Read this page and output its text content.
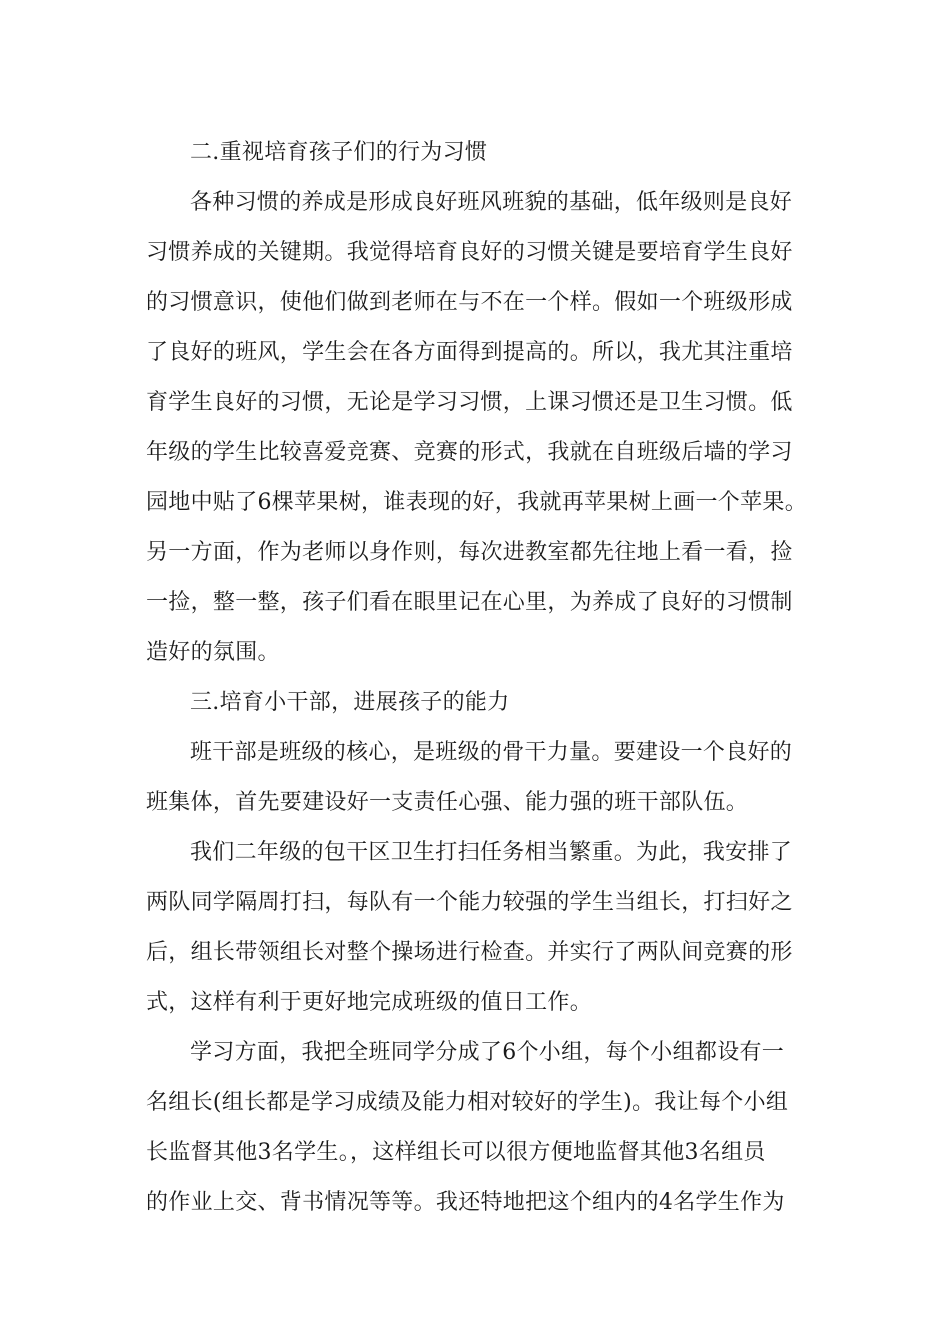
二.重视培育孩子们的行为习惯
各种习惯的养成是形成良好班风班貌的基础，低年级则是良好
习惯养成的关键期。我觉得培育良好的习惯关键是要培育学生良好
的习惯意识，使他们做到老师在与不在一个样。假如一个班级形成
了良好的班风，学生会在各方面得到提高的。所以，我尤其注重培
育学生良好的习惯，无论是学习习惯，上课习惯还是卫生习惯。低
年级的学生比较喜爱竞赛、竞赛的形式，我就在自班级后墙的学习
园地中贴了6棵苹果树，谁表现的好，我就再苹果树上画一个苹果。
另一方面，作为老师以身作则，每次进教室都先往地上看一看，捡
一捡，整一整，孩子们看在眼里记在心里，为养成了良好的习惯制
造好的氛围。
三.培育小干部，进展孩子的能力
班干部是班级的核心，是班级的骨干力量。要建设一个良好的
班集体，首先要建设好一支责任心强、能力强的班干部队伍。
我们二年级的包干区卫生打扫任务相当繁重。为此，我安排了
两队同学隔周打扫，每队有一个能力较强的学生当组长，打扫好之
后，组长带领组长对整个操场进行检查。并实行了两队间竞赛的形
式，这样有利于更好地完成班级的值日工作。
学习方面，我把全班同学分成了6个小组，每个小组都设有一
名组长(组长都是学习成绩及能力相对较好的学生)。我让每个小组
长监督其他3名学生。，这样组长可以很方便地监督其他3名组员
的作业上交、背书情况等等。我还特地把这个组内的4名学生作为
